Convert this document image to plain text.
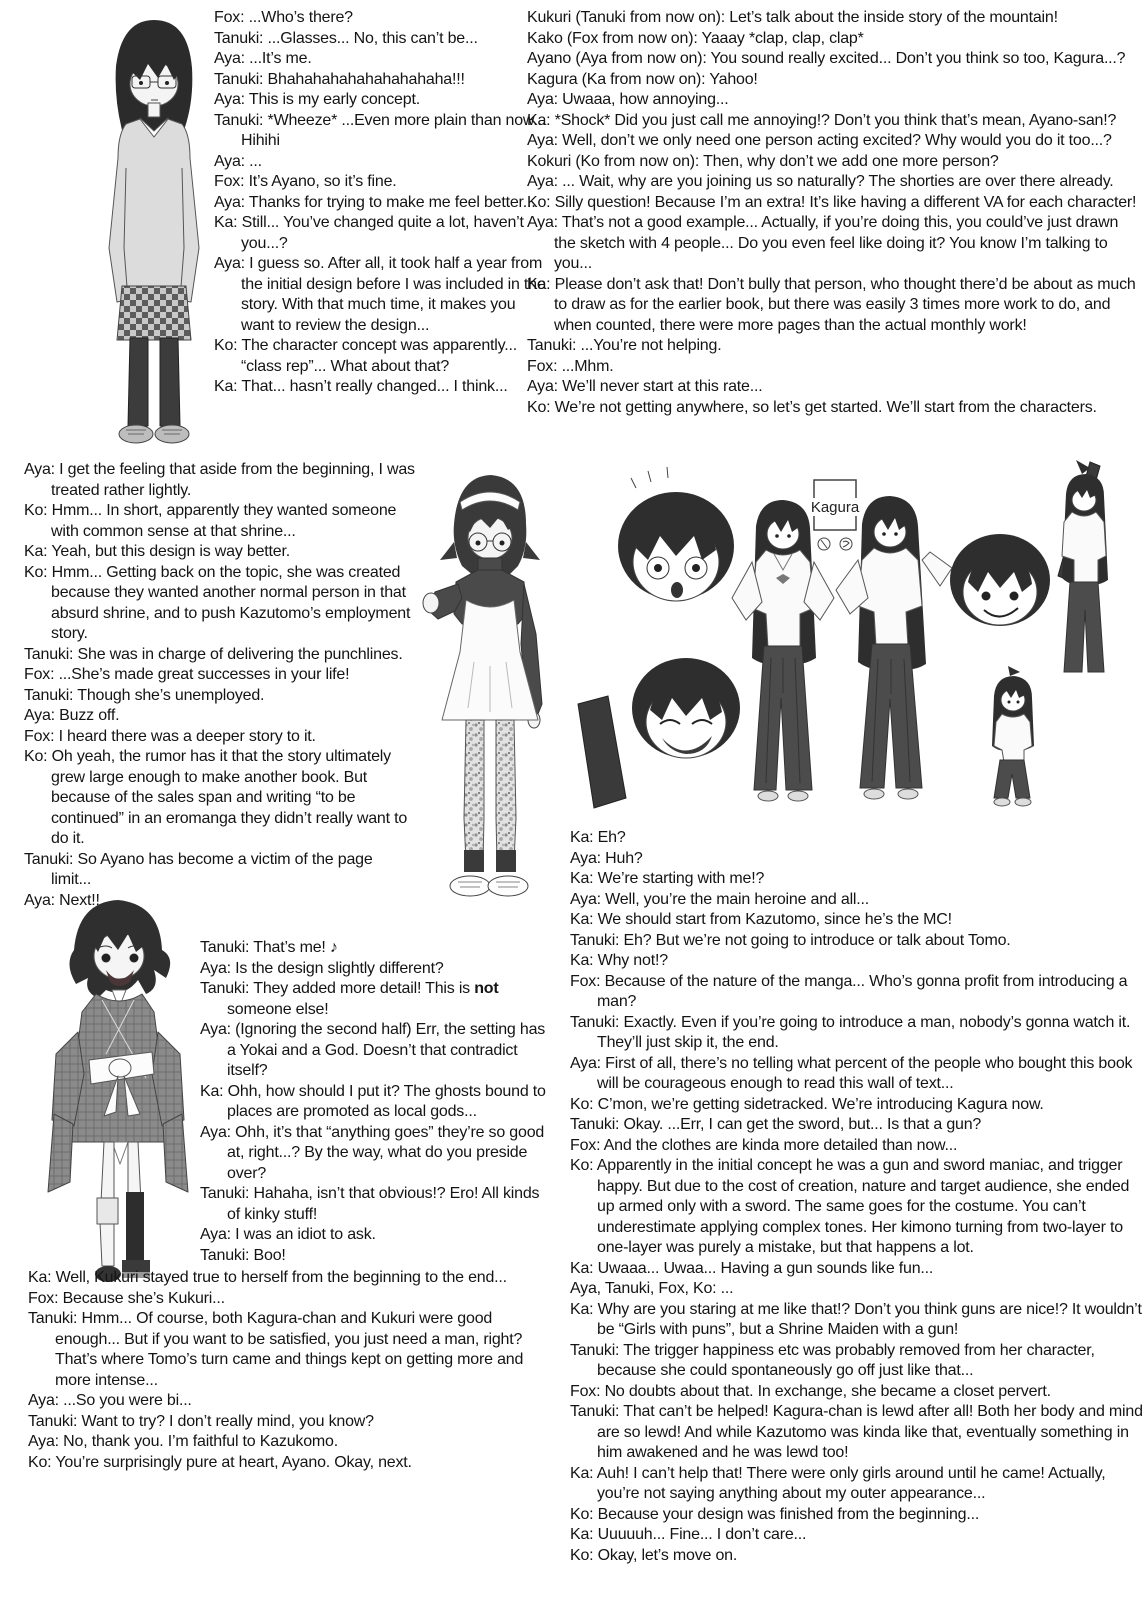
Fox: ...Who’s there?

Tanuki: ...Glasses... No, this can’t be...

Aya: ...It’s me.

Tanuki: Bhahahahahahahahahaha!!!

Aya: This is my early concept.

Tanuki: *Wheeze* ...Even more plain than now... Hihihi

Aya: ...

Fox: It’s Ayano, so it’s fine.

Aya: Thanks for trying to make me feel better...

Ka: Still... You’ve changed quite a lot, haven’t you...?

Aya: I guess so. After all, it took half a year from the initial design before I was included in the story. With that much time, it makes you want to review the design...

Ko: The character concept was apparently... “class rep”... What about that?

Ka: That... hasn’t really changed... I think...

Kukuri (Tanuki from now on): Let’s talk about the inside story of the mountain!

Kako (Fox from now on): Yaaay *clap, clap, clap*

Ayano (Aya from now on): You sound really excited... Don’t you think so too, Kagura...?

Kagura (Ka from now on): Yahoo!

Aya: Uwaaa, how annoying...

Ka: *Shock* Did you just call me annoying!? Don’t you think that’s mean, Ayano-san!?

Aya: Well, don’t we only need one person acting excited? Why would you do it too...?

Kokuri (Ko from now on): Then, why don’t we add one more person?

Aya: ... Wait, why are you joining us so naturally? The shorties are over there already.

Ko: Silly question! Because I’m an extra! It’s like having a different VA for each character!

Aya: That’s not a good example... Actually, if you’re doing this, you could’ve just drawn the sketch with 4 people... Do you even feel like doing it? You know I’m talking to you...

Ka: Please don’t ask that! Don’t bully that person, who thought there’d be about as much to draw as for the earlier book, but there was easily 3 times more work to do, and when counted, there were more pages than the actual monthly work!

Tanuki: ...You’re not helping.

Fox: ...Mhm.

Aya: We’ll never start at this rate...

Ko: We’re not getting anywhere, so let’s get started. We’ll start from the characters.

Aya: I get the feeling that aside from the beginning, I was treated rather lightly.

Ko: Hmm... In short, apparently they wanted someone with common sense at that shrine...

Ka: Yeah, but this design is way better.

Ko: Hmm... Getting back on the topic, she was created because they wanted another normal person in that absurd shrine, and to push Kazutomo’s employment story.

Tanuki: She was in charge of delivering the punchlines.

Fox: ...She’s made great successes in your life!

Tanuki: Though she’s unemployed.

Aya: Buzz off.

Fox: I heard there was a deeper story to it.

Ko: Oh yeah, the rumor has it that the story ultimately grew large enough to make another book. But because of the sales span and writing “to be continued” in an eromanga they didn’t really want to do it.

Tanuki: So Ayano has become a victim of the page limit...

Aya: Next!!

Kagura

Ka: Eh?

Aya: Huh?

Ka: We’re starting with me!?

Aya: Well, you’re the main heroine and all...

Ka: We should start from Kazutomo, since he’s the MC!

Tanuki: Eh? But we’re not going to introduce or talk about Tomo.

Ka: Why not!?

Fox: Because of the nature of the manga... Who’s gonna profit from introducing a man?

Tanuki: Exactly. Even if you’re going to introduce a man, nobody’s gonna watch it. They’ll just skip it, the end.

Aya: First of all, there’s no telling what percent of the people who bought this book will be courageous enough to read this wall of text...

Ko: C’mon, we’re getting sidetracked. We’re introducing Kagura now.

Tanuki: Okay. ...Err, I can get the sword, but... Is that a gun?

Fox: And the clothes are kinda more detailed than now...

Ko: Apparently in the initial concept he was a gun and sword maniac, and trigger happy. But due to the cost of creation, nature and target audience, she ended up armed only with a sword. The same goes for the costume. You can’t underestimate applying complex tones. Her kimono turning from two-layer to one-layer was purely a mistake, but that happens a lot.

Ka: Uwaaa... Uwaa... Having a gun sounds like fun...

Aya, Tanuki, Fox, Ko: ...

Ka: Why are you staring at me like that!? Don’t you think guns are nice!? It wouldn’t be “Girls with puns”, but a Shrine Maiden with a gun!

Tanuki: The trigger happiness etc was probably removed from her character, because she could spontaneously go off just like that...

Fox: No doubts about that. In exchange, she became a closet pervert.

Tanuki: That can’t be helped! Kagura-chan is lewd after all! Both her body and mind are so lewd! And while Kazutomo was kinda like that, eventually something in him awakened and he was lewd too!

Ka: Auh! I can’t help that! There were only girls around until he came! Actually, you’re not saying anything about my outer appearance...

Ko: Because your design was finished from the beginning...

Ka: Uuuuuh... Fine... I don’t care...

Ko: Okay, let’s move on.

Tanuki: That’s me! ♪

Aya: Is the design slightly different?

Tanuki: They added more detail! This is not someone else!

Aya: (Ignoring the second half) Err, the setting has a Yokai and a God. Doesn’t that contradict itself?

Ka: Ohh, how should I put it? The ghosts bound to places are promoted as local gods...

Aya: Ohh, it’s that “anything goes” they’re so good at, right...? By the way, what do you preside over?

Tanuki: Hahaha, isn’t that obvious!? Ero! All kinds of kinky stuff!

Aya: I was an idiot to ask.

Tanuki: Boo!

Ka: Well, Kukuri stayed true to herself from the beginning to the end...

Fox: Because she’s Kukuri...

Tanuki: Hmm... Of course, both Kagura-chan and Kukuri were good enough... But if you want to be satisfied, you just need a man, right? That’s where Tomo’s turn came and things kept on getting more and more intense...

Aya: ...So you were bi...

Tanuki: Want to try? I don’t really mind, you know?

Aya: No, thank you. I’m faithful to Kazukomo.

Ko: You’re surprisingly pure at heart, Ayano. Okay, next.
